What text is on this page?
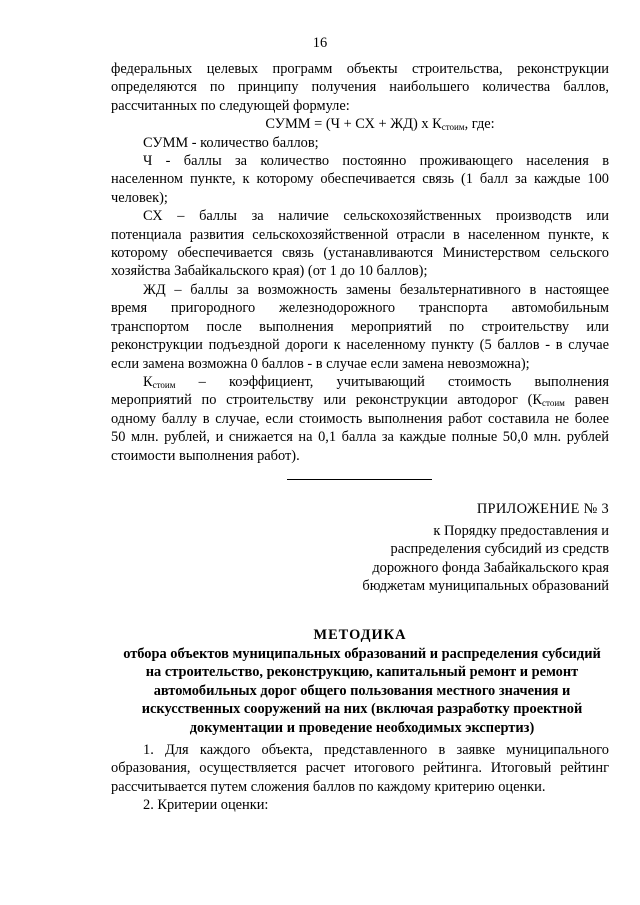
16

федеральных целевых программ объекты строительства, реконструкции

определяются по принципу получения наибольшего количества баллов,

рассчитанных по следующей формуле:

СУММ = (Ч + СХ + ЖД) х $К_{стоим}$, где:

СУММ - количество баллов;

Ч - баллы за количество постоянно проживающего населения в

населенном пункте, к которому обеспечивается связь (1 балл за каждые 100

человек);

СХ – баллы за наличие сельскохозяйственных производств или

потенциала развития сельскохозяйственной отрасли в населенном пункте, к

которому обеспечивается связь (устанавливаются Министерством сельского

хозяйства Забайкальского края) (от 1 до 10 баллов);

ЖД – баллы за возможность замены безальтернативного в настоящее

время пригородного железнодорожного транспорта автомобильным

транспортом после выполнения мероприятий по строительству или

реконструкции подъездной дороги к населенному пункту (5 баллов - в случае

если замена возможна 0 баллов - в случае если замена невозможна);

$К_{стоим}$ – коэффициент, учитывающий стоимость выполнения

мероприятий по строительству или реконструкции автодорог ($К_{стоим}$ равен

одному баллу в случае, если стоимость выполнения работ составила не более

50 млн. рублей, и снижается на 0,1 балла за каждые полные 50,0 млн. рублей

стоимости выполнения работ).

ПРИЛОЖЕНИЕ № 3
к Порядку предоставления и
распределения субсидий из средств
дорожного фонда Забайкальского края
бюджетам муниципальных образований
МЕТОДИКА
отбора объектов муниципальных образований и распределения субсидий
на строительство, реконструкцию, капитальный ремонт и ремонт
автомобильных дорог общего пользования местного значения и
искусственных сооружений на них (включая разработку проектной
документации и проведение необходимых экспертиз)

1. Для каждого объекта, представленного в заявке муниципального

образования, осуществляется расчет итогового рейтинга. Итоговый рейтинг

рассчитывается путем сложения баллов по каждому критерию оценки.

2. Критерии оценки:
